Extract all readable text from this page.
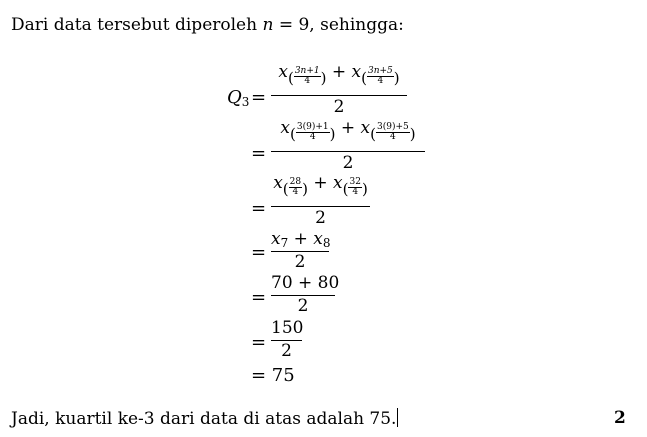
Dari data tersebut diperoleh n = 9, sehingga:
$Q_3$ =
$x( \frac{3n+1}{4}$ ) + $x( \frac{3n+5}{4}$ )
2
=
$x( \frac{3(9)+1}{4}$ ) + $x( \frac{3(9)+5}{4}$ )
2
=
$x( \frac{28}{4}$ ) + $x( \frac{32}{4}$ )
2
=
$x_7 + x_8$
2
=
70 + 80
2
=
150
2
= 75
Jadi, kuartil ke-3 dari data di atas adalah 75.	2
